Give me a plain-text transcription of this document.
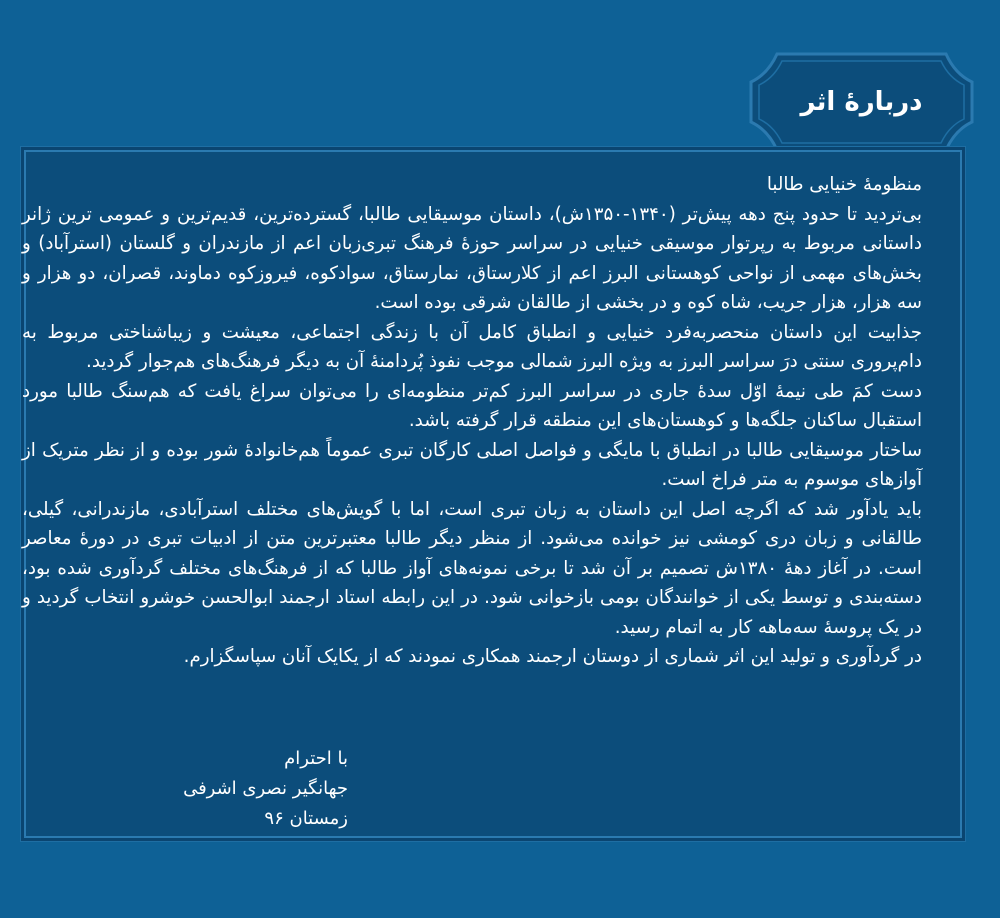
دربارهٔ اثر

منظومهٔ خنیایی طالبا

بی‌تردید تا حدود پنج دهه پیش‌تر (۱۳۴۰-۱۳۵۰ش)، داستان موسیقایی طالبا، گسترده‌ترین، قدیم‌ترین و عمومی ترین ژانر داستانی مربوط به رپرتوار موسیقی خنیایی در سراسر حوزهٔ فرهنگ تبری‌زبان اعم از مازندران و گلستان (استرآباد) و بخش‌های مهمی از نواحی کوهستانی البرز اعم از کلارستاق، نمارستاق، سوادکوه، فیروزکوه دماوند، قصران، دو هزار و سه هزار، هزار جریب، شاه کوه و در بخشی از طالقان شرقی بوده است.

جذابیت این داستان منحصربه‌فرد خنیایی و انطباق کامل آن با زندگی اجتماعی، معیشت و زیباشناختی مربوط به دام‌پروری سنتی درَ سراسر البرز به ویژه البرز شمالی موجب نفوذ پُردامنهٔ آن به دیگر فرهنگ‌های هم‌جوار گردید.

دست کمَ طی نیمهٔ اوّل سدهٔ جاری در سراسر البرز کم‌تر منظومه‌ای را می‌توان سراغ یافت که هم‌سنگ طالبا مورد استقبال ساکنان جلگه‌ها و کوهستان‌های این منطقه قرار گرفته باشد.

ساختار موسیقایی طالبا در انطباق با مایگی و فواصل اصلی کارگان تبری عموماً هم‌خانوادهٔ شور بوده و از نظر متریک از آوازهای موسوم به متر فراخ است.

باید یادآور شد که اگرچه اصل این داستان به زبان تبری است، اما با گویش‌های مختلف استرآبادی، مازندرانی، گیلی، طالقانی و زبان دری کومشی نیز خوانده می‌شود. از منظر دیگر طالبا معتبرترین متن از ادبیات تبری در دورهٔ معاصر است. در آغاز دههٔ ۱۳۸۰ش تصمیم بر آن شد تا برخی نمونه‌های آواز طالبا که از فرهنگ‌های مختلف گردآوری شده بود، دسته‌بندی و توسط یکی از خوانندگان بومی بازخوانی شود. در این رابطه استاد ارجمند ابوالحسن خوشرو انتخاب گردید و در یک پروسهٔ سه‌ماهه کار به اتمام رسید.

در گردآوری و تولید این اثر شماری از دوستان ارجمند همکاری نمودند که از یکایک آنان سپاسگزارم.

با احترام
جهانگیر نصری اشرفی
زمستان ۹۶
